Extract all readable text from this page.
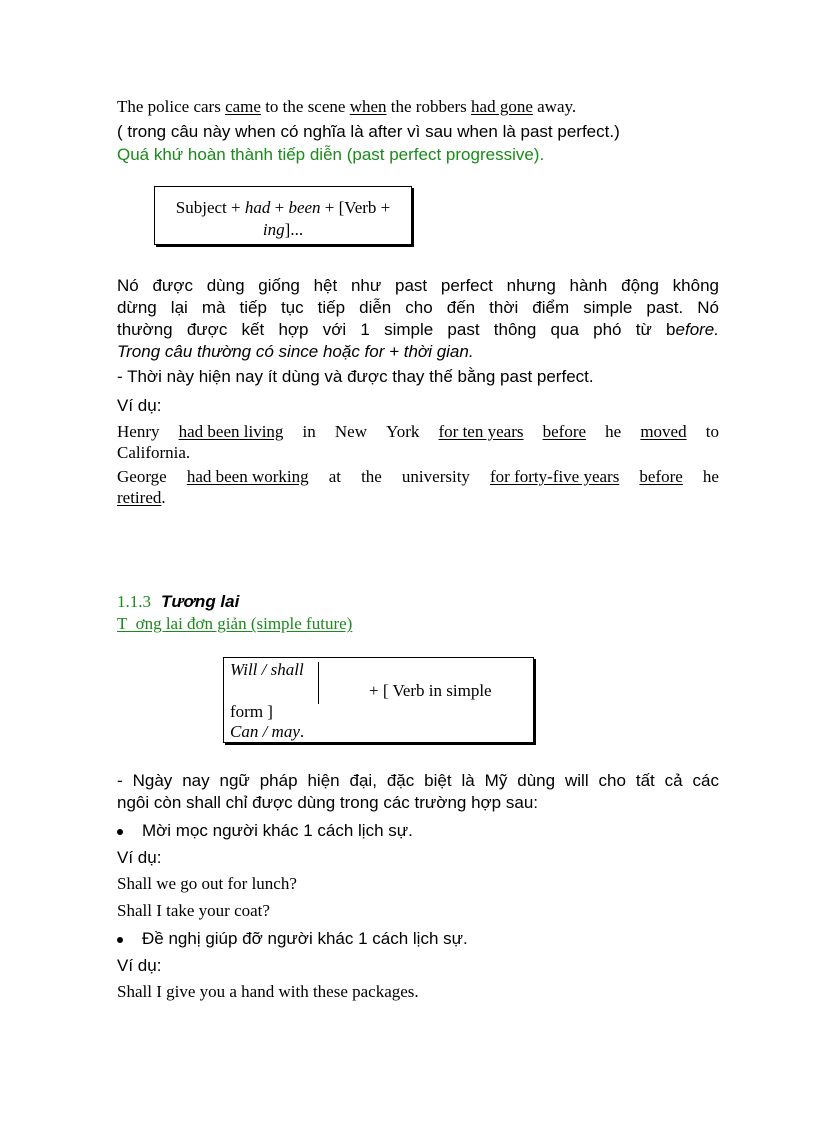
The police cars came to the scene when the robbers had gone away.
( trong câu này when có nghĩa là after vì sau when là past perfect.)
Quá khứ hoàn thành tiếp diễn (past perfect progressive).
Subject + had + been + [Verb +
ing]...
Nó được dùng giống hệt như past perfect nhưng hành động không
dừng lại mà tiếp tục tiếp diễn cho đến thời điểm simple past. Nó
thường được kết hợp với 1 simple past thông qua phó từ before.
Trong câu thường có since hoặc for + thời gian.
- Thời này hiện nay ít dùng và được thay thế bằng past perfect.
Ví dụ:
Henry had been living in New York for ten years before he moved to
California.
George had been working at the university for forty-five years before he
retired.
1.1.3 Tương lai
T  ơng lai đơn giản (simple future)
Will / shall
+ [ Verb in simple
form ]
Can / may.
- Ngày nay ngữ pháp hiện đại, đặc biệt là Mỹ dùng will cho tất cả các
ngôi còn shall chỉ được dùng trong các trường hợp sau:
Mời mọc người khác 1 cách lịch sự.
Ví dụ:
Shall we go out for lunch?
Shall I take your coat?
Đề nghị giúp đỡ người khác 1 cách lịch sự.
Ví dụ:
Shall I give you a hand with these packages.
